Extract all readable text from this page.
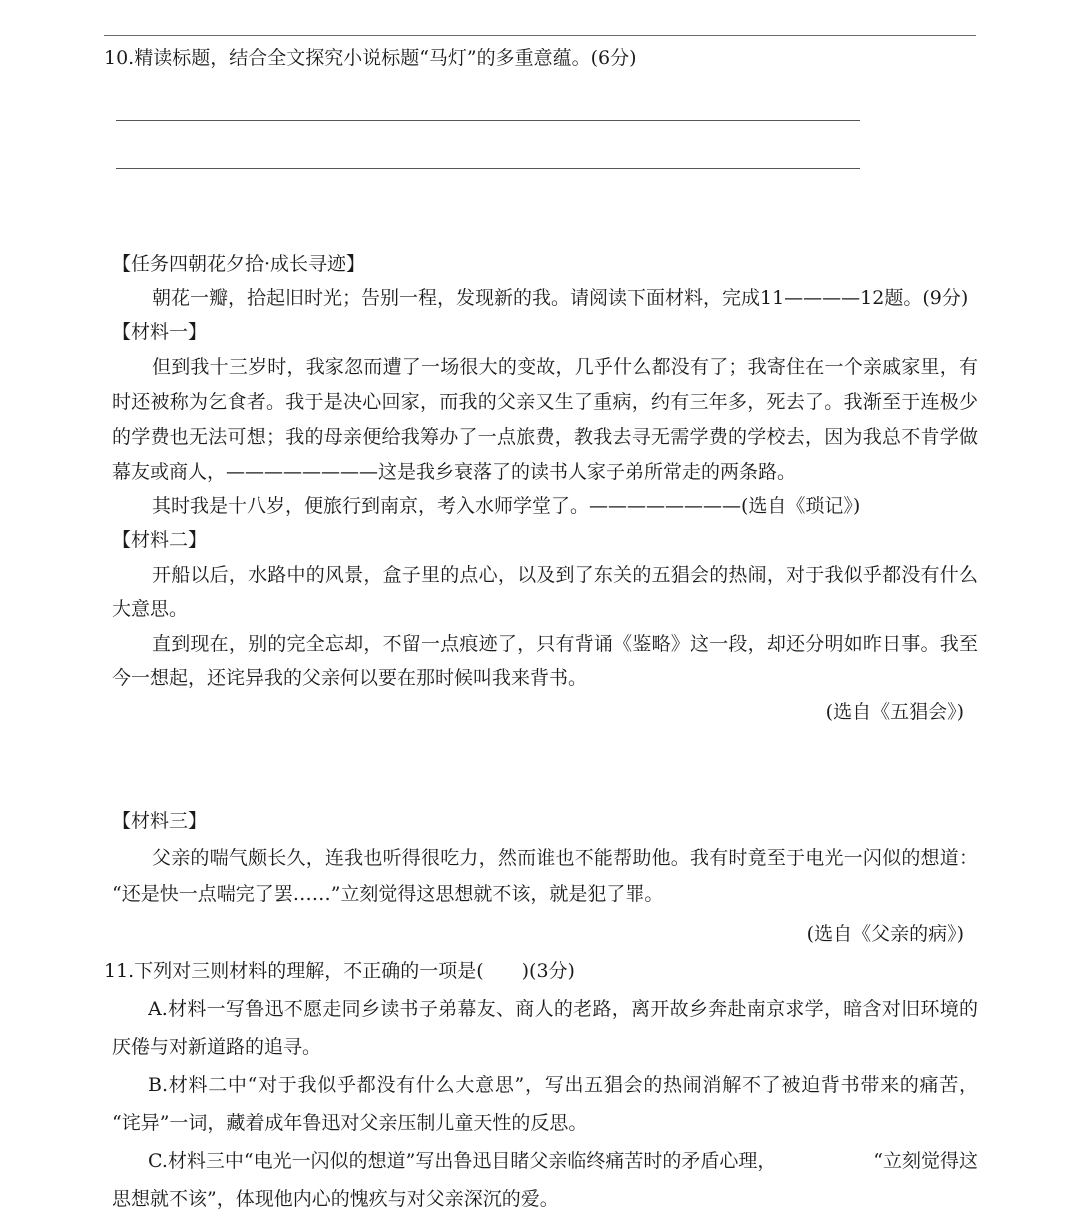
10.精读标题，结合全文探究小说标题“马灯”的多重意蕴。(6分)
【任务四朝花夕拾·成长寻迹】
朝花一瓣，拾起旧时光；告别一程，发现新的我。请阅读下面材料，完成11————12题。(9分)
【材料一】
但到我十三岁时，我家忽而遭了一场很大的变故，几乎什么都没有了；我寄住在一个亲戚家里，有
时还被称为乞食者。我于是决心回家，而我的父亲又生了重病，约有三年多，死去了。我渐至于连极少
的学费也无法可想；我的母亲便给我筹办了一点旅费，教我去寻无需学费的学校去，因为我总不肯学做
幕友或商人，————————这是我乡衰落了的读书人家子弟所常走的两条路。
其时我是十八岁，便旅行到南京，考入水师学堂了。————————(选自《琐记》)
【材料二】
开船以后，水路中的风景，盒子里的点心，以及到了东关的五猖会的热闹，对于我似乎都没有什么
大意思。
直到现在，别的完全忘却，不留一点痕迹了，只有背诵《鉴略》这一段，却还分明如昨日事。我至
今一想起，还诧异我的父亲何以要在那时候叫我来背书。
(选自《五猖会》)
【材料三】
父亲的喘气颇长久，连我也听得很吃力，然而谁也不能帮助他。我有时竟至于电光一闪似的想道：
“还是快一点喘完了罢……”立刻觉得这思想就不该，就是犯了罪。
(选自《父亲的病》)
11.下列对三则材料的理解，不正确的一项是(　　)(3分)
A.材料一写鲁迅不愿走同乡读书子弟幕友、商人的老路，离开故乡奔赴南京求学，暗含对旧环境的
厌倦与对新道路的追寻。
B.材料二中“对于我似乎都没有什么大意思”，写出五猖会的热闹消解不了被迫背书带来的痛苦，
“诧异”一词，藏着成年鲁迅对父亲压制儿童天性的反思。
C.材料三中“电光一闪似的想道”写出鲁迅目睹父亲临终痛苦时的矛盾心理，	“立刻觉得这
思想就不该”，体现他内心的愧疚与对父亲深沉的爱。
